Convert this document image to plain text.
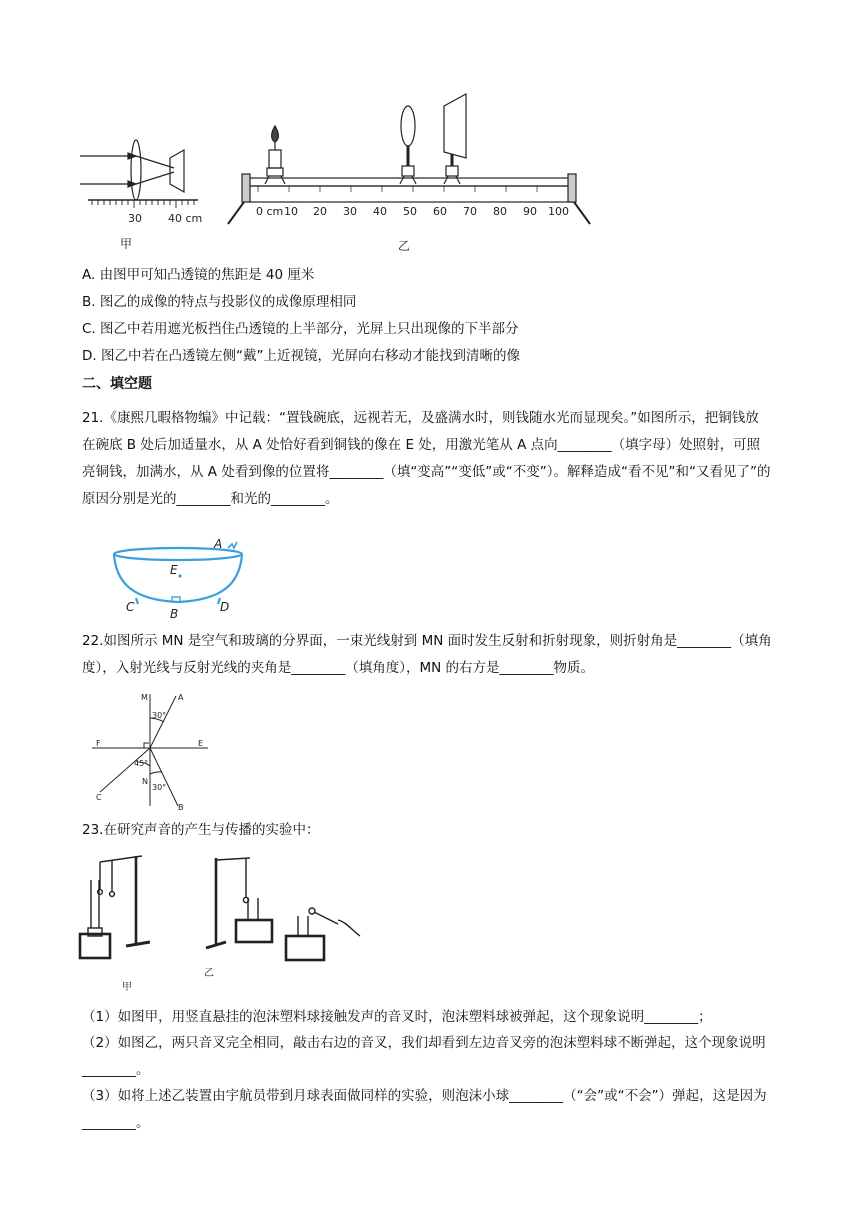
30 40 cm
甲
0 cm 10 20 30 40 50 60 70 80 90 100
乙
A. 由图甲可知凸透镜的焦距是 40 厘米
B. 图乙的成像的特点与投影仪的成像原理相同
C. 图乙中若用遮光板挡住凸透镜的上半部分，光屏上只出现像的下半部分
D. 图乙中若在凸透镜左侧“戴”上近视镜，光屏向右移动才能找到清晰的像
二、填空题
21.《康熙几暇格物编》中记载：“置钱碗底，远视若无，及盛满水时，则钱随水光而显现矣。”如图所示，把铜钱放在碗底 B 处后加适量水，从 A 处恰好看到铜钱的像在 E 处，用激光笔从 A 点向________（填字母）处照射，可照亮铜钱，加满水，从 A 处看到像的位置将________（填“变高”“变低”或“不变”）。解释造成“看不见”和“又看见了”的原因分别是光的________和光的________。
A
E
C	B	D
22.如图所示 MN 是空气和玻璃的分界面，一束光线射到 MN 面时发生反射和折射现象，则折射角是________（填角度），入射光线与反射光线的夹角是________（填角度），MN 的右方是________物质。
M	A
30°
F	E
45°
N
30°
C
B
23.在研究声音的产生与传播的实验中：
甲
乙
（1）如图甲，用竖直悬挂的泡沫塑料球接触发声的音叉时，泡沫塑料球被弹起，这个现象说明________；
（2）如图乙，两只音叉完全相同，敲击右边的音叉，我们却看到左边音叉旁的泡沫塑料球不断弹起，这个现象说明________。
（3）如将上述乙装置由宇航员带到月球表面做同样的实验，则泡沫小球________（“会”或“不会”）弹起，这是因为________。
